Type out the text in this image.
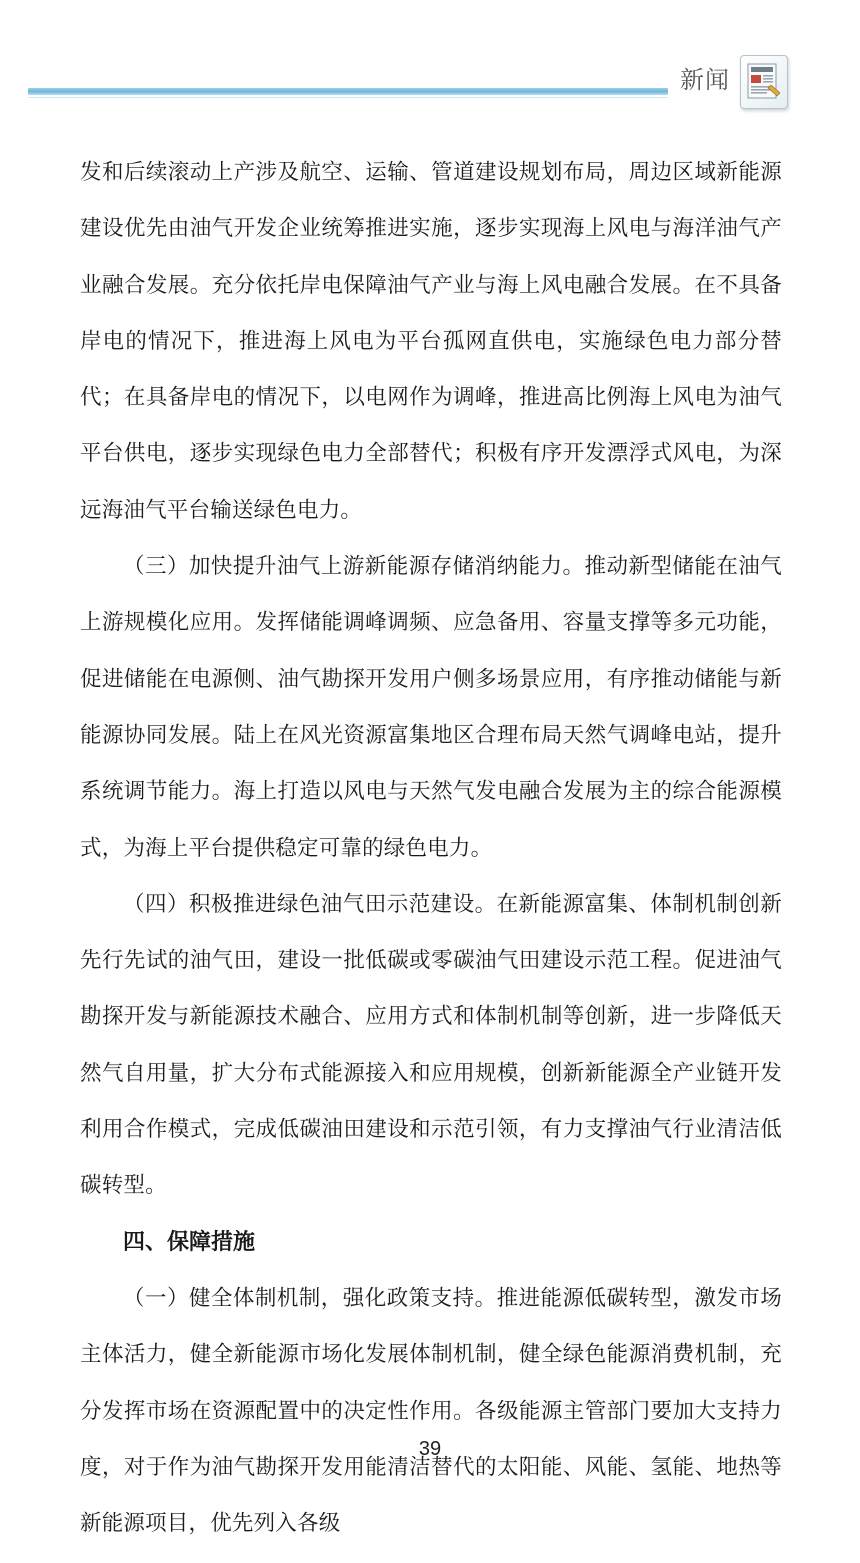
新闻

发和后续滚动上产涉及航空、运输、管道建设规划布局，周边区域新能源建设优先由油气开发企业统筹推进实施，逐步实现海上风电与海洋油气产业融合发展。充分依托岸电保障油气产业与海上风电融合发展。在不具备岸电的情况下，推进海上风电为平台孤网直供电，实施绿色电力部分替代；在具备岸电的情况下，以电网作为调峰，推进高比例海上风电为油气平台供电，逐步实现绿色电力全部替代；积极有序开发漂浮式风电，为深远海油气平台输送绿色电力。

（三）加快提升油气上游新能源存储消纳能力。推动新型储能在油气上游规模化应用。发挥储能调峰调频、应急备用、容量支撑等多元功能，促进储能在电源侧、油气勘探开发用户侧多场景应用，有序推动储能与新能源协同发展。陆上在风光资源富集地区合理布局天然气调峰电站，提升系统调节能力。海上打造以风电与天然气发电融合发展为主的综合能源模式，为海上平台提供稳定可靠的绿色电力。

（四）积极推进绿色油气田示范建设。在新能源富集、体制机制创新先行先试的油气田，建设一批低碳或零碳油气田建设示范工程。促进油气勘探开发与新能源技术融合、应用方式和体制机制等创新，进一步降低天然气自用量，扩大分布式能源接入和应用规模，创新新能源全产业链开发利用合作模式，完成低碳油田建设和示范引领，有力支撑油气行业清洁低碳转型。

四、保障措施

（一）健全体制机制，强化政策支持。推进能源低碳转型，激发市场主体活力，健全新能源市场化发展体制机制，健全绿色能源消费机制，充分发挥市场在资源配置中的决定性作用。各级能源主管部门要加大支持力度，对于作为油气勘探开发用能清洁替代的太阳能、风能、氢能、地热等新能源项目，优先列入各级

39
